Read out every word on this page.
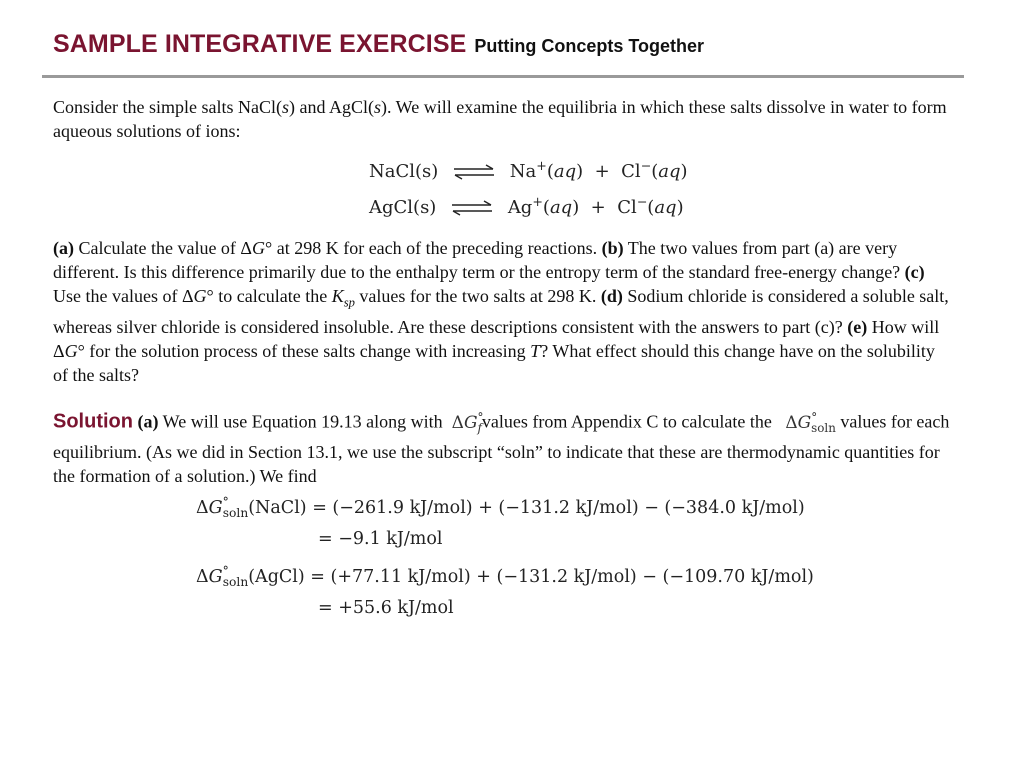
SAMPLE INTEGRATIVE EXERCISE Putting Concepts Together
Consider the simple salts NaCl(s) and AgCl(s). We will examine the equilibria in which these salts dissolve in water to form aqueous solutions of ions:
NaCl(s) ⇌ Na+(aq)  +  Cl−(aq)
AgCl(s) ⇌ Ag+(aq)  +  Cl−(aq)
(a) Calculate the value of ΔG° at 298 K for each of the preceding reactions. (b) The two values from part (a) are very different. Is this difference primarily due to the enthalpy term or the entropy term of the standard free-energy change? (c) Use the values of ΔG° to calculate the $K_{sp}$ values for the two salts at 298 K. (d) Sodium chloride is considered a soluble salt, whereas silver chloride is considered insoluble. Are these descriptions consistent with the answers to part (c)? (e) How will ΔG° for the solution process of these salts change with increasing T? What effect should this change have on the solubility of the salts?
Solution (a) We will use Equation 19.13 along with  $\Delta G^\circ_fvalues$ from Appendix C to calculate the   $\Delta G^\circ_{soln}$ values for each equilibrium. (As we did in Section 13.1, we use the subscript “soln” to indicate that these are thermodynamic quantities for the formation of a solution.) We find
$\Delta G^\circ_{soln}(NaCl) = (-261.9$ kJ/mol) + (−131.2 kJ/mol) − (−384.0 kJ/mol)
= −9.1 kJ/mol
$\Delta G^\circ_{soln}(AgCl) = (+77.11$ kJ/mol) + (−131.2 kJ/mol) − (−109.70 kJ/mol)
= +55.6 kJ/mol
